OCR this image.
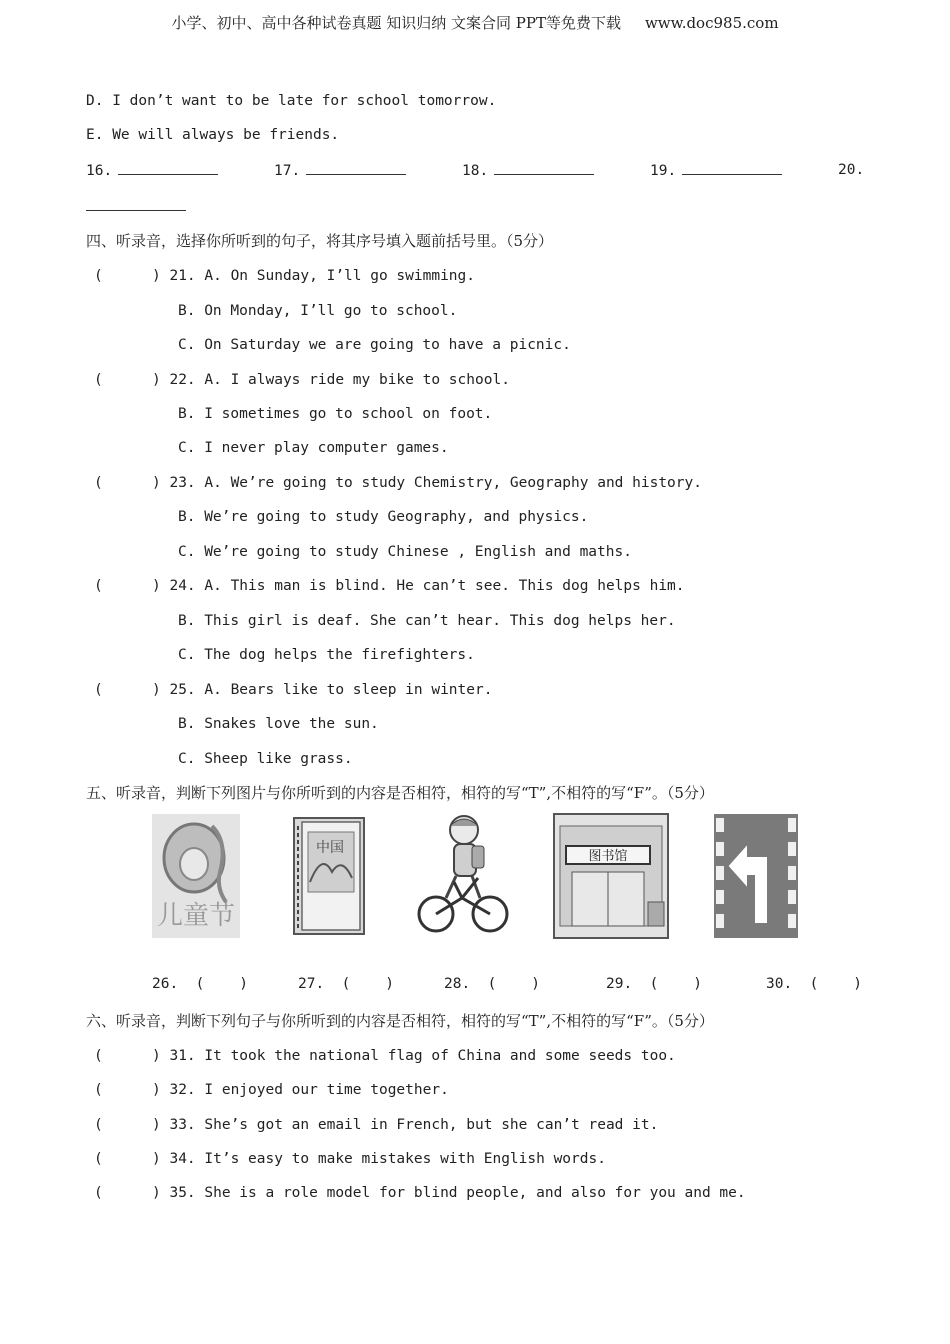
小学、初中、高中各种试卷真题 知识归纳 文案合同 PPT等免费下载 www.doc985.com
D. I don’t want to be late for school tomorrow.
E. We will always be friends.
16.	17.	18.	19.	20.
四、听录音，选择你所听到的句子，将其序号填入题前括号里。（5分）
(	) 21. A. On Sunday, I’ll go swimming.
B. On Monday, I’ll go to school.
C. On Saturday we are going to have a picnic.
(	) 22. A. I always ride my bike to school.
B. I sometimes go to school on foot.
C. I never play computer games.
(	) 23. A. We’re going to study Chemistry, Geography and history.
B. We’re going to study Geography, and physics.
C. We’re going to study Chinese , English and maths.
(	) 24. A. This man is blind. He can’t see. This dog helps him.
B. This girl is deaf. She can’t hear. This dog helps her.
C. The dog helps the firefighters.
(	) 25. A. Bears like to sleep in winter.
B. Snakes love the sun.
C. Sheep like grass.
五、听录音，判断下列图片与你所听到的内容是否相符，相符的写“T”,不相符的写“F”。（5分）
儿童节
中国
图书馆
26.  (    )	27.  (    )	28.  (    )	29.  (    )	30.  (    )
六、听录音，判断下列句子与你所听到的内容是否相符，相符的写“T”,不相符的写“F”。（5分）
(	) 31. It took the national flag of China and some seeds too.
(	) 32. I enjoyed our time together.
(	) 33. She’s got an email in French, but she can’t read it.
(	) 34. It’s easy to make mistakes with English words.
(	) 35. She is a role model for blind people, and also for you and me.
